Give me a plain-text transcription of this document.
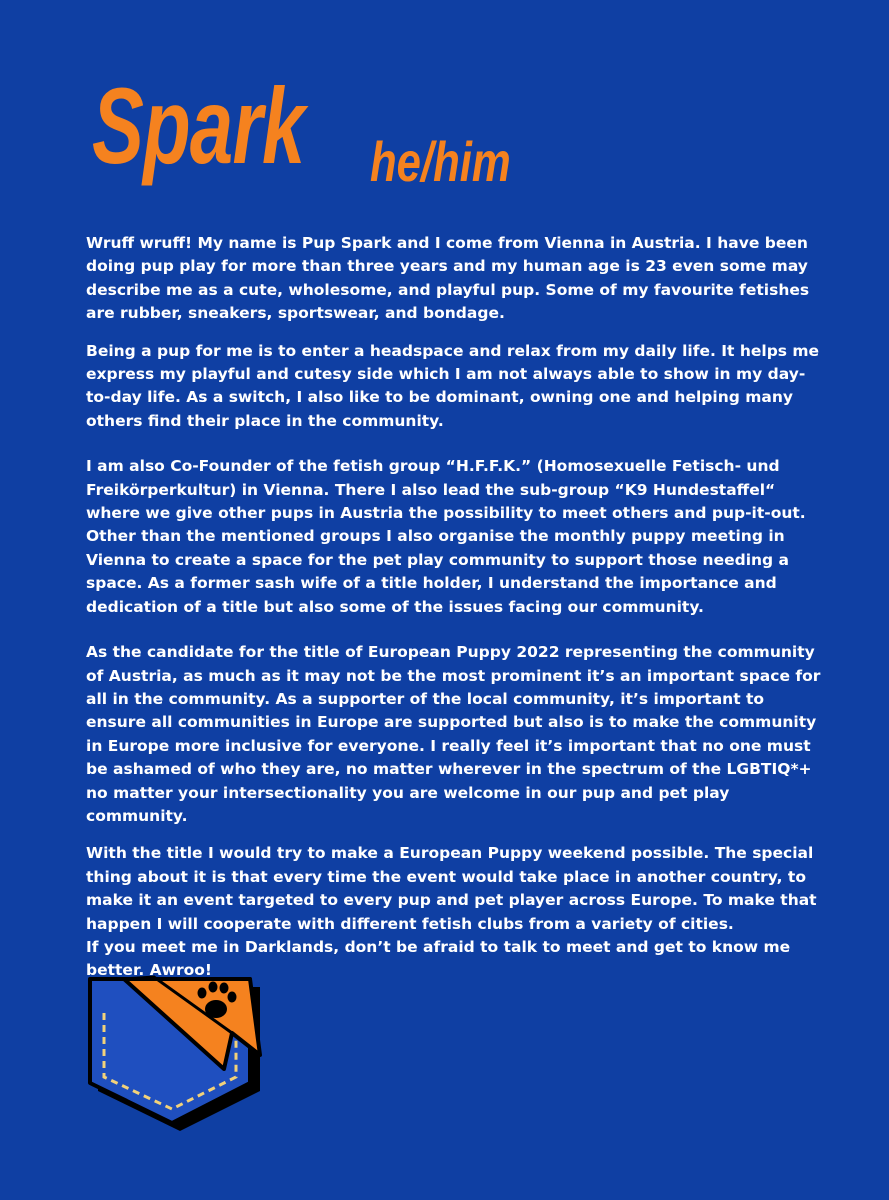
Spark he/him

Wruff wruff! My name is Pup Spark and I come from Vienna in Austria. I have been doing pup play for more than three years and my human age is 23 even some may describe me as a cute, wholesome, and playful pup. Some of my favourite fetishes are rubber, sneakers, sportswear, and bondage.

Being a pup for me is to enter a headspace and relax from my daily life. It helps me express my playful and cutesy side which I am not always able to show in my day-to-day life. As a switch, I also like to be dominant, owning one and helping many others find their place in the community.

I am also Co-Founder of the fetish group “H.F.F.K.” (Homosexuelle Fetisch- und Freikörperkultur) in Vienna. There I also lead the sub-group “K9 Hundestaffel“ where we give other pups in Austria the possibility to meet others and pup-it-out. Other than the mentioned groups I also organise the monthly puppy meeting in Vienna to create a space for the pet play community to support those needing a space. As a former sash wife of a title holder, I understand the importance and dedication of a title but also some of the issues facing our community.

As the candidate for the title of European Puppy 2022 representing the community of Austria, as much as it may not be the most prominent it’s an important space for all in the community. As a supporter of the local community, it’s important to ensure all communities in Europe are supported but also is to make the community in Europe more inclusive for everyone. I really feel it’s important that no one must be ashamed of who they are, no matter wherever in the spectrum of the LGBTIQ*+ no matter your intersectionality you are welcome in our pup and pet play community.

With the title I would try to make a European Puppy weekend possible. The special thing about it is that every time the event would take place in another country, to make it an event targeted to every pup and pet player across Europe. To make that happen I will cooperate with different fetish clubs from a variety of cities.
If you meet me in Darklands, don’t be afraid to talk to meet and get to know me better. Awroo!
